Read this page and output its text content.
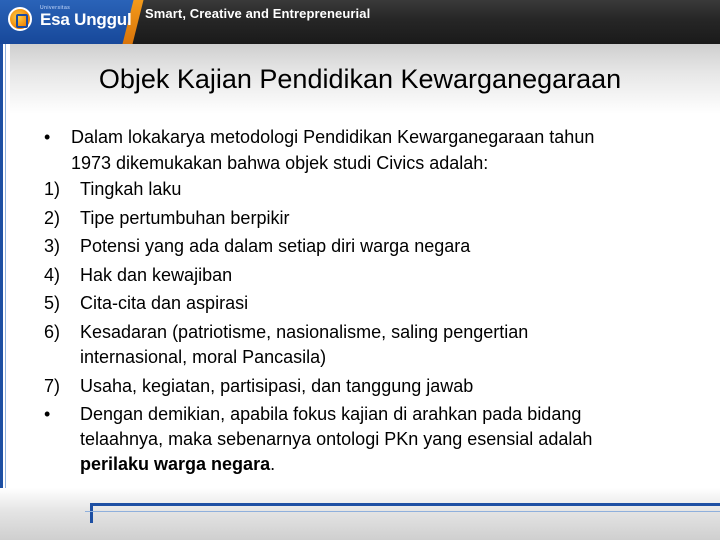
Universitas
Esa Unggul Smart, Creative and Entrepreneurial
Objek Kajian Pendidikan Kewarganegaraan
• Dalam lokakarya metodologi Pendidikan Kewarganegaraan tahun
1973 dikemukakan bahwa objek studi Civics adalah:
1) Tingkah laku
2) Tipe pertumbuhan berpikir
3) Potensi yang ada dalam setiap diri warga negara
4) Hak dan kewajiban
5) Cita-cita dan aspirasi
6) Kesadaran (patriotisme, nasionalisme, saling pengertian
internasional, moral Pancasila)
7) Usaha, kegiatan, partisipasi, dan tanggung jawab
• Dengan demikian, apabila fokus kajian di arahkan pada bidang
telaahnya, maka sebenarnya ontologi PKn yang esensial adalah
perilaku warga negara.
